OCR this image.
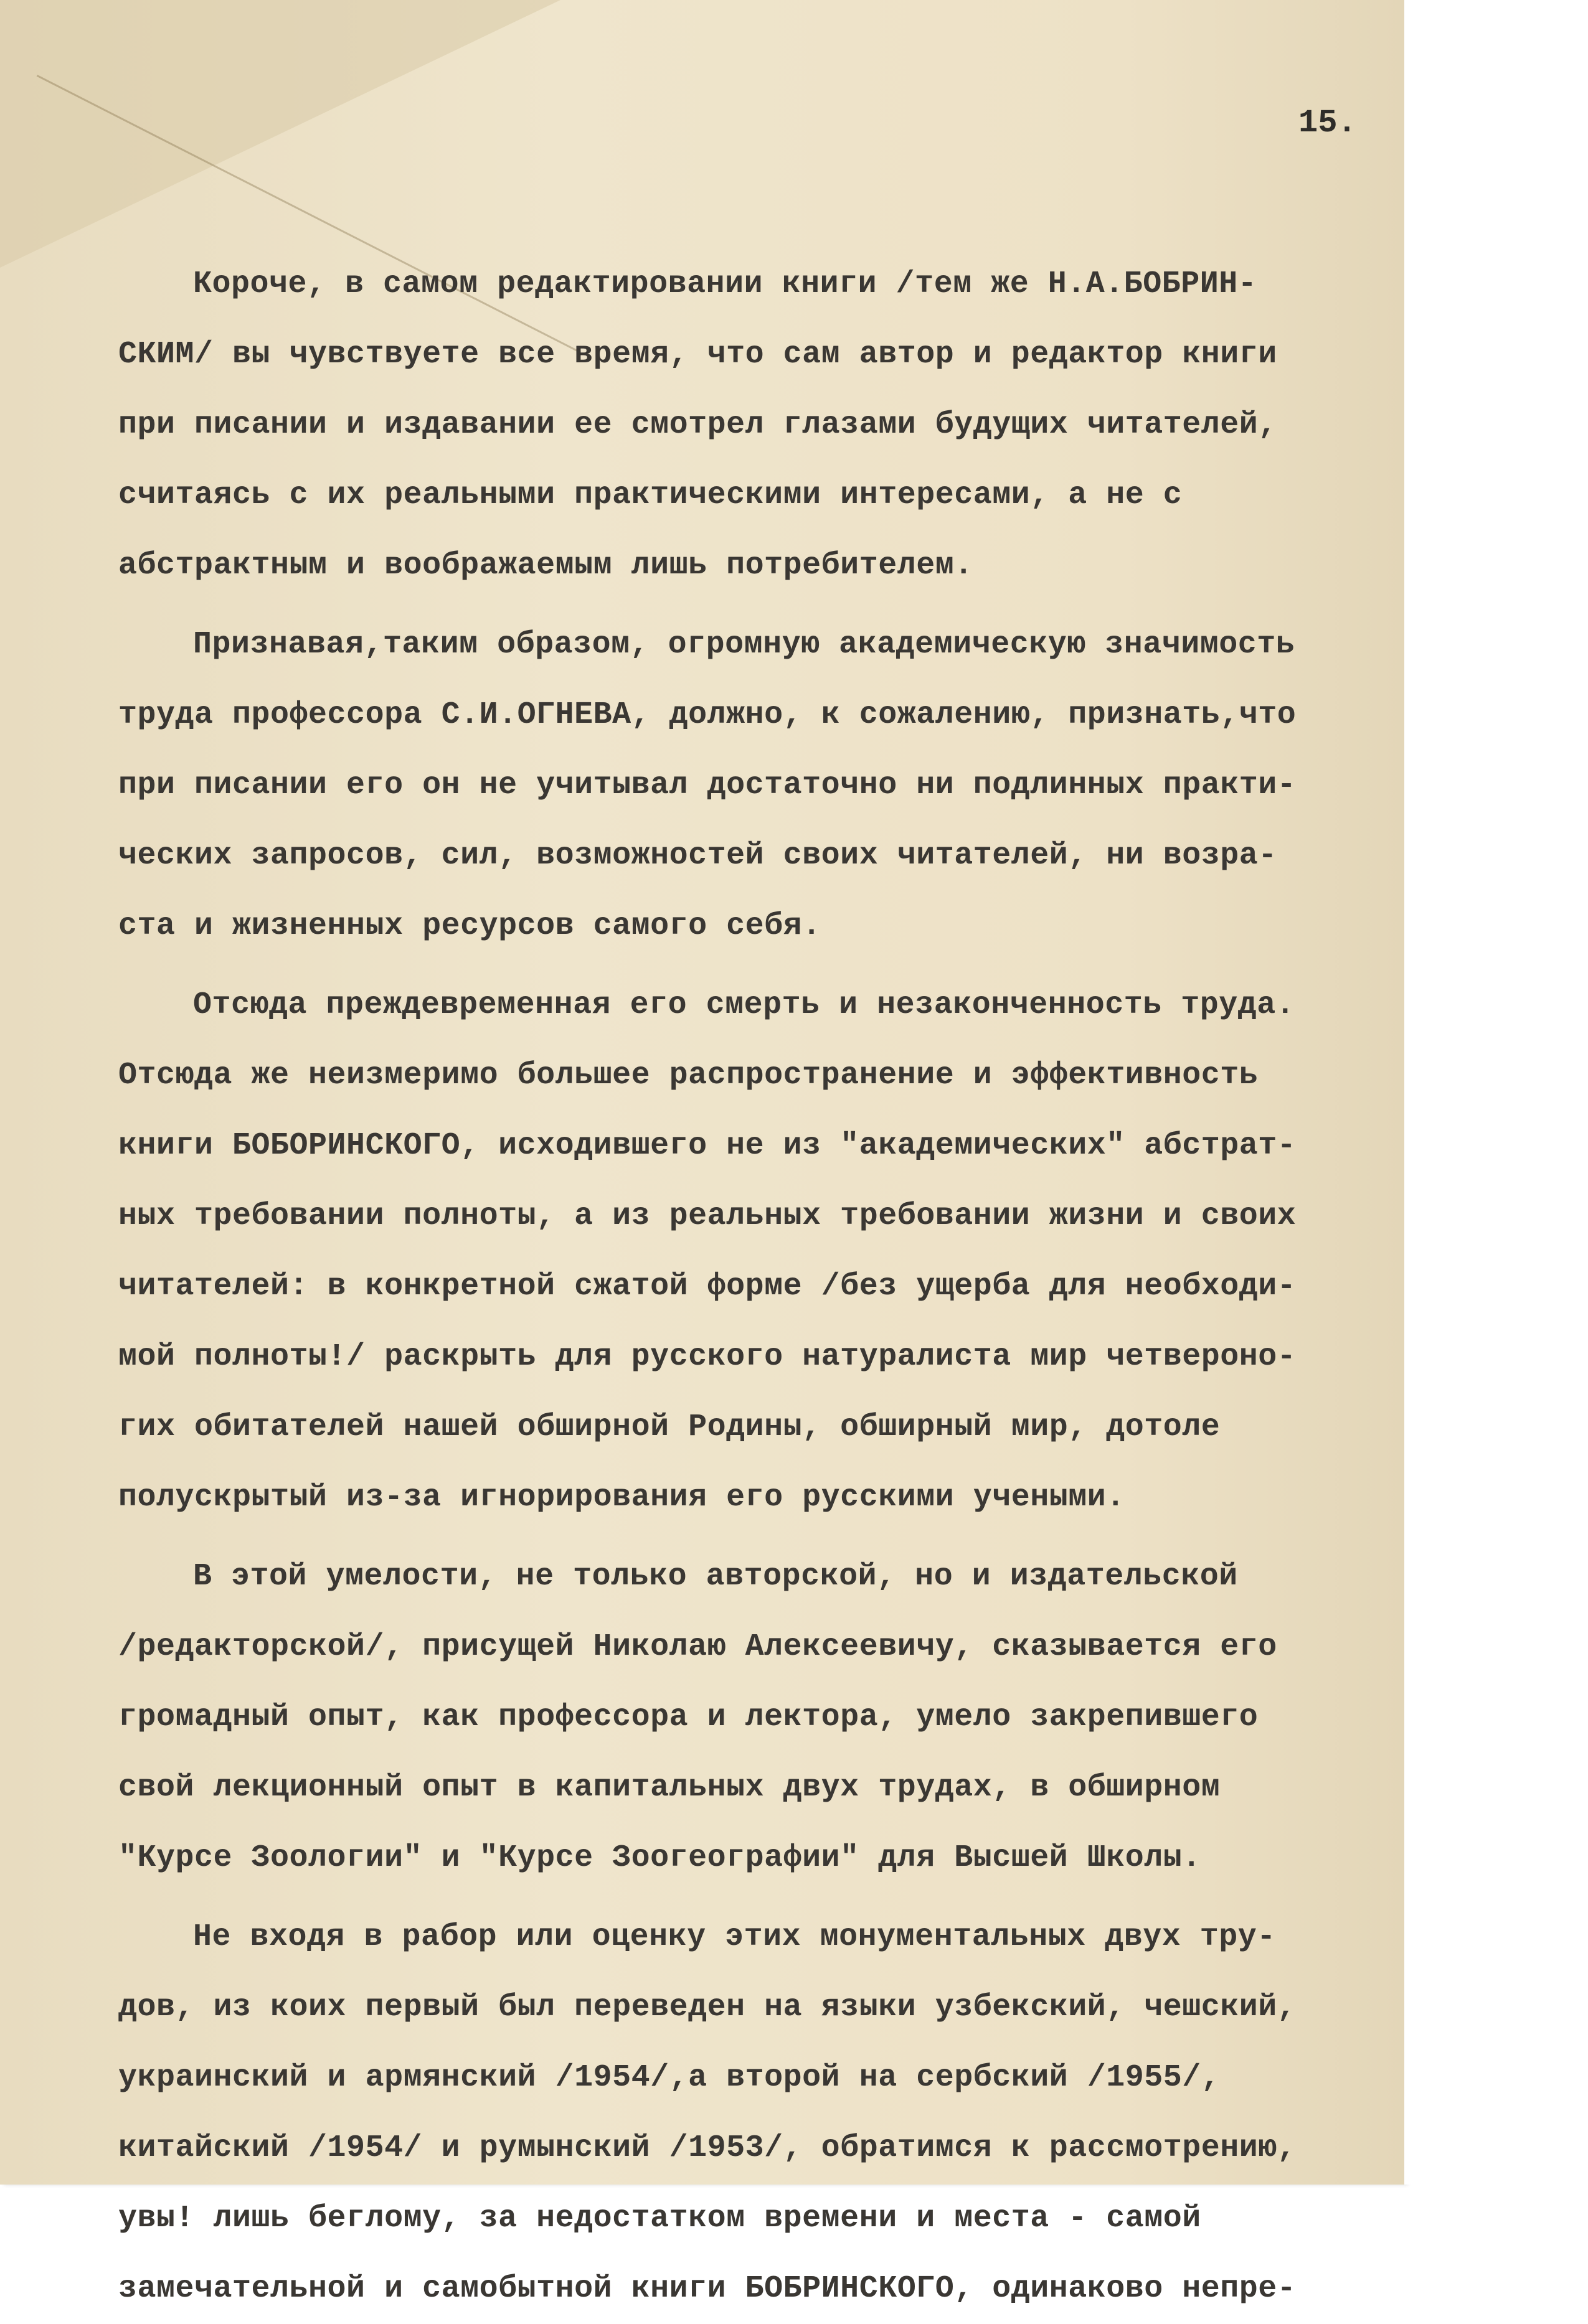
15.
Короче, в самом редактировании книги /тем же Н.А.БОБРИН-
СКИМ/ вы чувствуете все время, что сам автор и редактор книги
при писании и издавании ее смотрел глазами будущих читателей,
считаясь с их реальными практическими интересами, а не с
абстрактным и воображаемым лишь потребителем.
Признавая,таким образом, огромную академическую значимость
труда профессора С.И.ОГНЕВА, должно, к сожалению, признать,что
при писании его он не учитывал достаточно ни подлинных практи-
ческих запросов, сил, возможностей своих читателей, ни возра-
ста и жизненных ресурсов самого себя.
Отсюда преждевременная его смерть и незаконченность труда.
Отсюда же неизмеримо большее распространение и эффективность
книги БОБОРИНСКОГО, исходившего не из "академических" абстрат-
ных требовании полноты, а из реальных требовании жизни и своих
читателей: в конкретной сжатой форме /без ущерба для необходи-
мой полноты!/ раскрыть для русского натуралиста мир четвероно-
гих обитателей нашей обширной Родины, обширный мир, дотоле
полускрытый из-за игнорирования его русскими учеными.
В этой умелости, не только авторской, но и издательской
/редакторской/, присущей Николаю Алексеевичу, сказывается его
громадный опыт, как профессора и лектора, умело закрепившего
свой лекционный опыт в капитальных двух трудах, в обширном
"Курсе Зоологии" и "Курсе Зоогеографии" для Высшей Школы.
Не входя в рабор или оценку этих монументальных двух тру-
дов, из коих первый был переведен на языки узбекский, чешский,
украинский и армянский /1954/,а второй на сербский /1955/,
китайский /1954/ и румынский /1953/, обратимся к рассмотрению,
увы! лишь беглому, за недостатком времени и места - самой
замечательной и самобытной книги БОБРИНСКОГО, одинаково непре-
